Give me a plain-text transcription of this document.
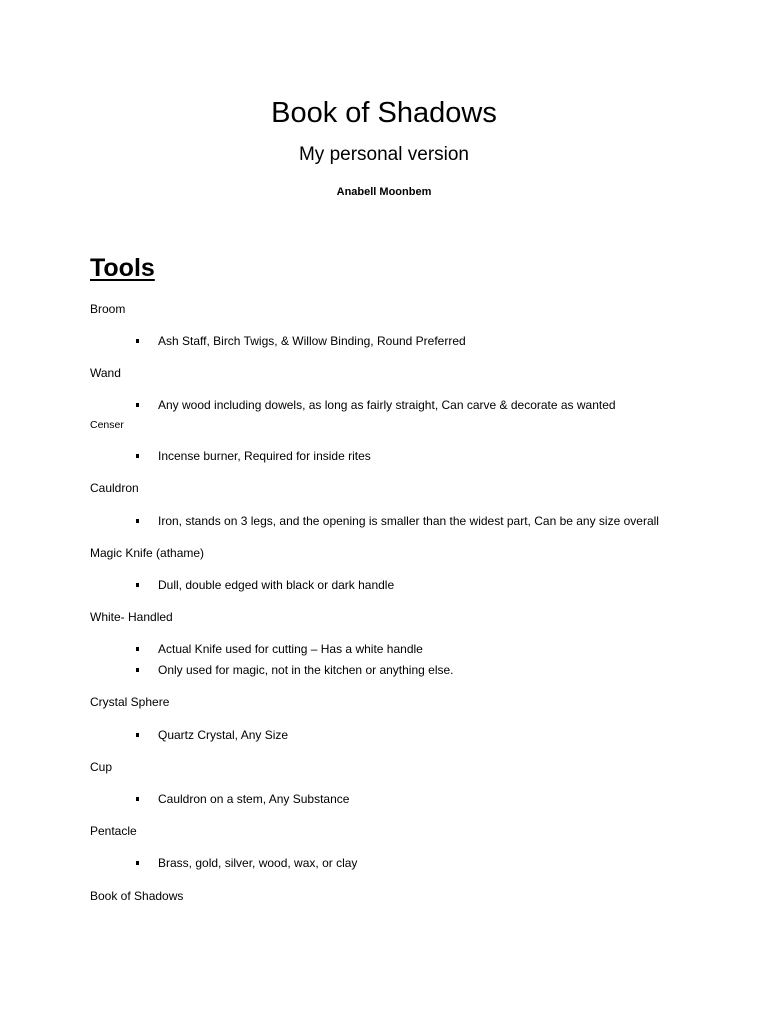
Book of Shadows
My personal version
Anabell Moonbem
Tools
Broom
Ash Staff, Birch Twigs, & Willow Binding, Round Preferred
Wand
Any wood including dowels, as long as fairly straight, Can carve & decorate as wanted
Censer
Incense burner, Required for inside rites
Cauldron
Iron, stands on 3 legs, and the opening is smaller than the widest part, Can be any size overall
Magic Knife (athame)
Dull, double edged with black or dark handle
White- Handled
Actual Knife used for cutting – Has a white handle
Only used for magic, not in the kitchen or anything else.
Crystal Sphere
Quartz Crystal, Any Size
Cup
Cauldron on a stem, Any Substance
Pentacle
Brass, gold, silver, wood, wax, or clay
Book of Shadows
